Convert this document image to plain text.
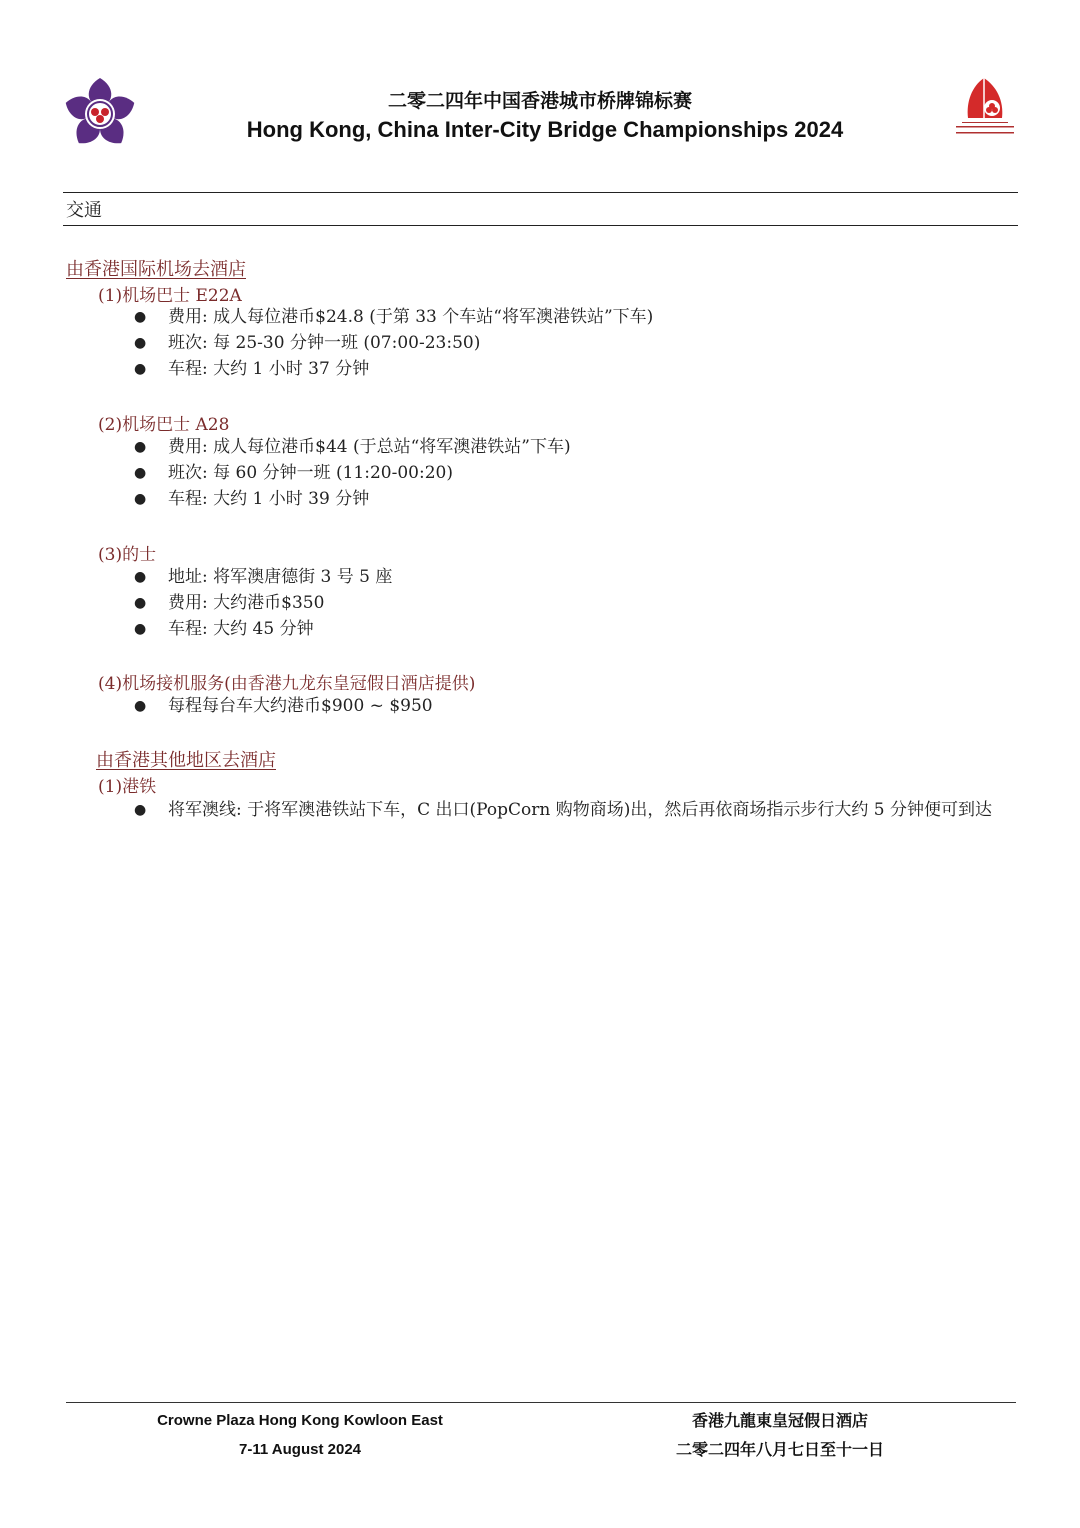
二零二四年中国香港城市桥牌锦标赛
Hong Kong, China Inter-City Bridge Championships 2024
交通
由香港国际机场去酒店
(1)机场巴士 E22A
● 费用: 成人每位港币$24.8 (于第 33 个车站“将军澳港铁站”下车)
● 班次: 每 25-30 分钟一班 (07:00-23:50)
● 车程: 大约 1 小时 37 分钟
(2)机场巴士 A28
● 费用: 成人每位港币$44 (于总站“将军澳港铁站”下车)
● 班次: 每 60 分钟一班 (11:20-00:20)
● 车程: 大约 1 小时 39 分钟
(3)的士
● 地址: 将军澳唐德街 3 号 5 座
● 费用: 大约港币$350
● 车程: 大约 45 分钟
(4)机场接机服务(由香港九龙东皇冠假日酒店提供)
● 每程每台车大约港币$900 ~ $950
由香港其他地区去酒店
(1)港铁
● 将军澳线: 于将军澳港铁站下车，C 出口(PopCorn 购物商场)出，然后再依商场指示步行大约 5 分钟便可到达
Crowne Plaza Hong Kong Kowloon East
7-11 August 2024
香港九龍東皇冠假日酒店
二零二四年八月七日至十一日
